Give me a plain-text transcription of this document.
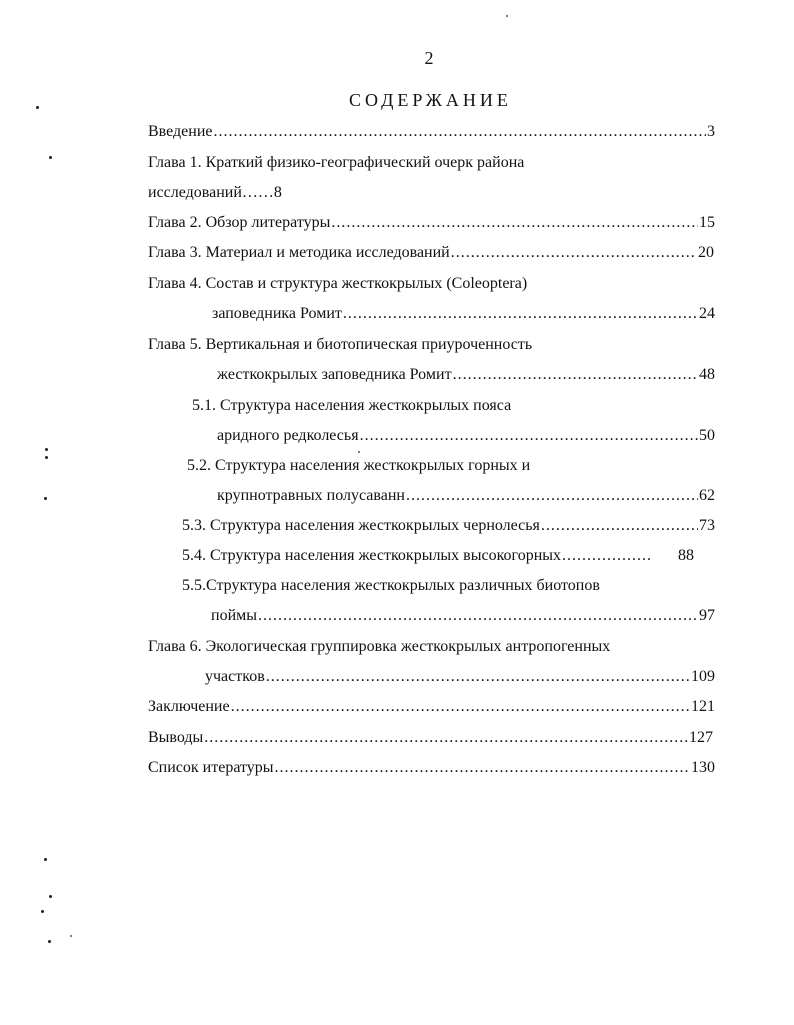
2
СОДЕРЖАНИЕ
Введение .....	3
Глава 1. Краткий физико-географический очерк района
исследований……8
Глава 2. Обзор литературы .....	15
Глава 3. Материал и методика исследований .....	20
Глава 4. Состав и структура жесткокрылых (Coleoptera)
заповедника Ромит .....	24
Глава 5. Вертикальная и биотопическая приуроченность
жесткокрылых заповедника Ромит .....	48
5.1. Структура населения жесткокрылых пояса
аридного редколесья .....	50
5.2. Структура населения жесткокрылых горных и
крупнотравных полусаванн .....	62
5.3. Структура населения жесткокрылых чернолесья .....	73
5.4. Структура населения жесткокрылых высокогорных .....	88
5.5.Структура населения жесткокрылых различных биотопов
поймы .....	97
Глава 6. Экологическая группировка жесткокрылых антропогенных
участков .....	109
Заключение .....	121
Выводы .....	127
Список итературы .....	130
